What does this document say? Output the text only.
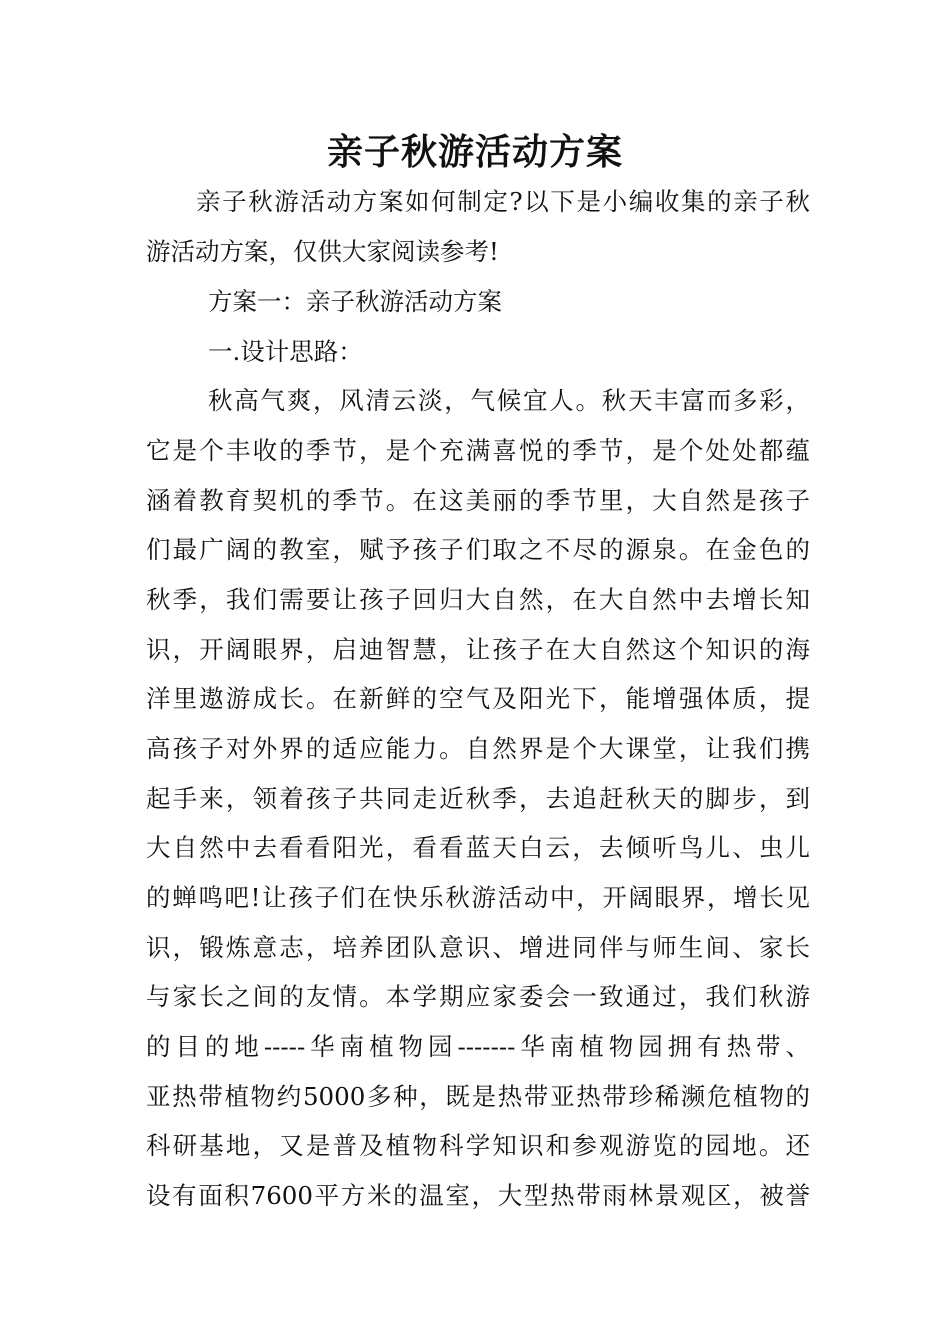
亲子秋游活动方案
亲子秋游活动方案如何制定?以下是小编收集的亲子秋
游活动方案，仅供大家阅读参考!
方案一：亲子秋游活动方案
一.设计思路：
秋高气爽，风清云淡，气候宜人。秋天丰富而多彩，
它是个丰收的季节，是个充满喜悦的季节，是个处处都蕴
涵着教育契机的季节。在这美丽的季节里，大自然是孩子
们最广阔的教室，赋予孩子们取之不尽的源泉。在金色的
秋季，我们需要让孩子回归大自然，在大自然中去增长知
识，开阔眼界，启迪智慧，让孩子在大自然这个知识的海
洋里遨游成长。在新鲜的空气及阳光下，能增强体质，提
高孩子对外界的适应能力。自然界是个大课堂，让我们携
起手来，领着孩子共同走近秋季，去追赶秋天的脚步，到
大自然中去看看阳光，看看蓝天白云，去倾听鸟儿、虫儿
的蝉鸣吧!让孩子们在快乐秋游活动中，开阔眼界，增长见
识，锻炼意志，培养团队意识、增进同伴与师生间、家长
与家长之间的友情。本学期应家委会一致通过，我们秋游
的目的地-----华南植物园-------华南植物园拥有热带、
亚热带植物约5000多种，既是热带亚热带珍稀濒危植物的
科研基地，又是普及植物科学知识和参观游览的园地。还
设有面积7600平方米的温室，大型热带雨林景观区，被誉
